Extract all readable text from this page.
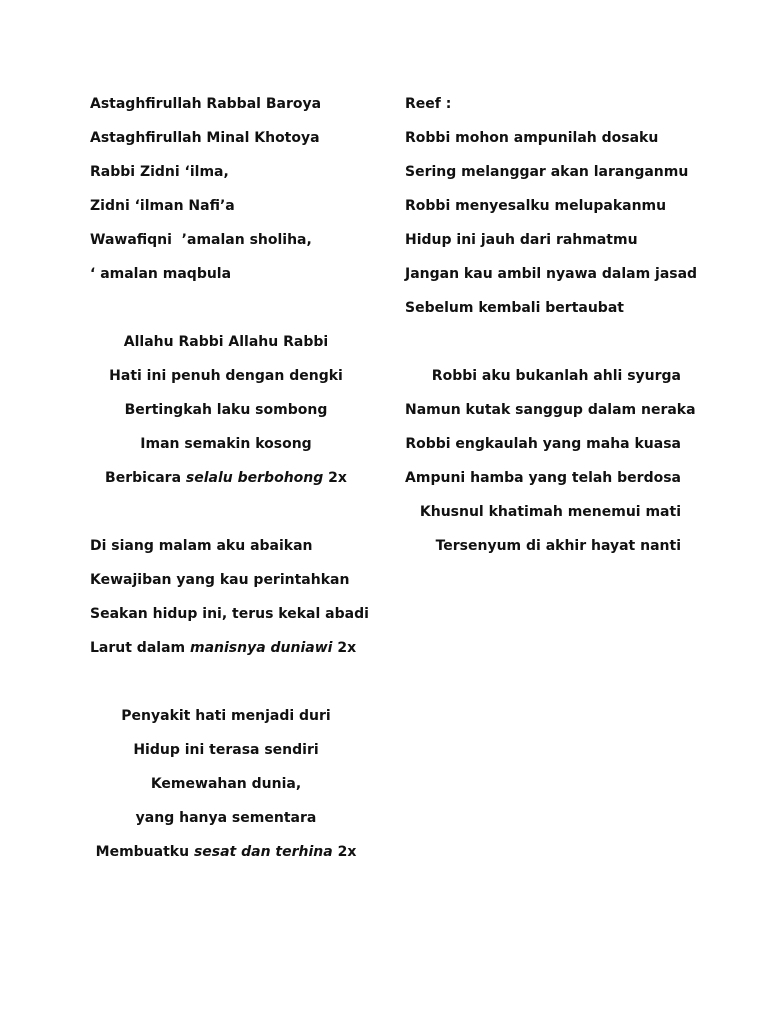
Astaghfirullah Rabbal Baroya
Astaghfirullah Minal Khotoya
Rabbi Zidni ‘ilma,
Zidni ‘ilman Nafi’a
Wawafiqni  ’amalan sholiha,
‘ amalan maqbula
Allahu Rabbi Allahu Rabbi
Hati ini penuh dengan dengki
Bertingkah laku sombong
Iman semakin kosong
Berbicara selalu berbohong 2x
Di siang malam aku abaikan
Kewajiban yang kau perintahkan
Seakan hidup ini, terus kekal abadi
Larut dalam manisnya duniawi 2x
Penyakit hati menjadi duri
Hidup ini terasa sendiri
Kemewahan dunia,
yang hanya sementara
Membuatku sesat dan terhina 2x
Reef :
Robbi mohon ampunilah dosaku
Sering melanggar akan laranganmu
Robbi menyesalku melupakanmu
Hidup ini jauh dari rahmatmu
Jangan kau ambil nyawa dalam jasad
Sebelum kembali bertaubat
Robbi aku bukanlah ahli syurga
Namun kutak sanggup dalam neraka
Robbi engkaulah yang maha kuasa
Ampuni hamba yang telah berdosa
Khusnul khatimah menemui mati
Tersenyum di akhir hayat nanti
